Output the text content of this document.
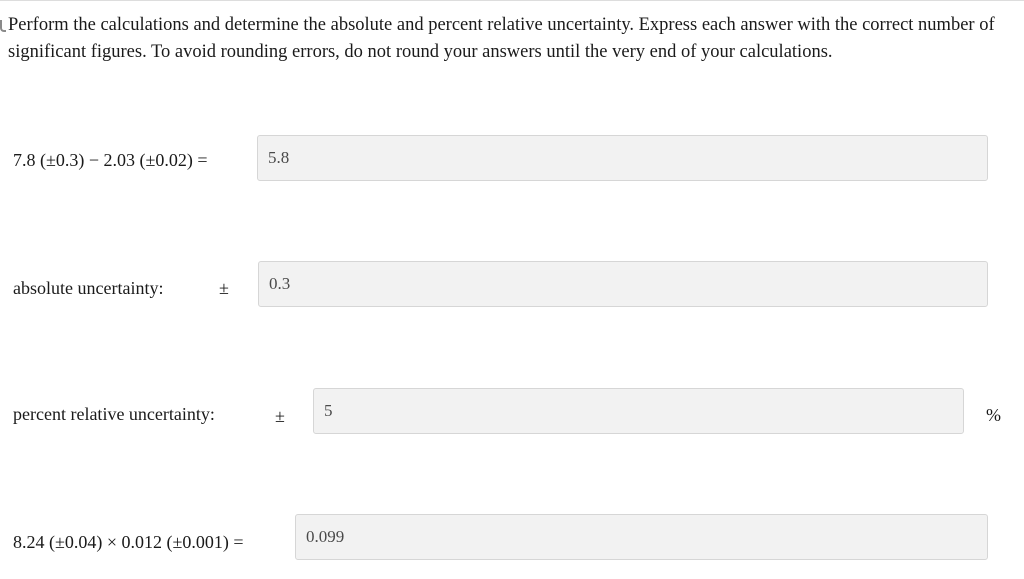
Perform the calculations and determine the absolute and percent relative uncertainty. Express each answer with the correct number of significant figures. To avoid rounding errors, do not round your answers until the very end of your calculations.

7.8 (±0.3) − 2.03 (±0.02) =
5.8
absolute uncertainty:	±
0.3
percent relative uncertainty:	±
5	%
8.24 (±0.04) × 0.012 (±0.001) =
0.099
